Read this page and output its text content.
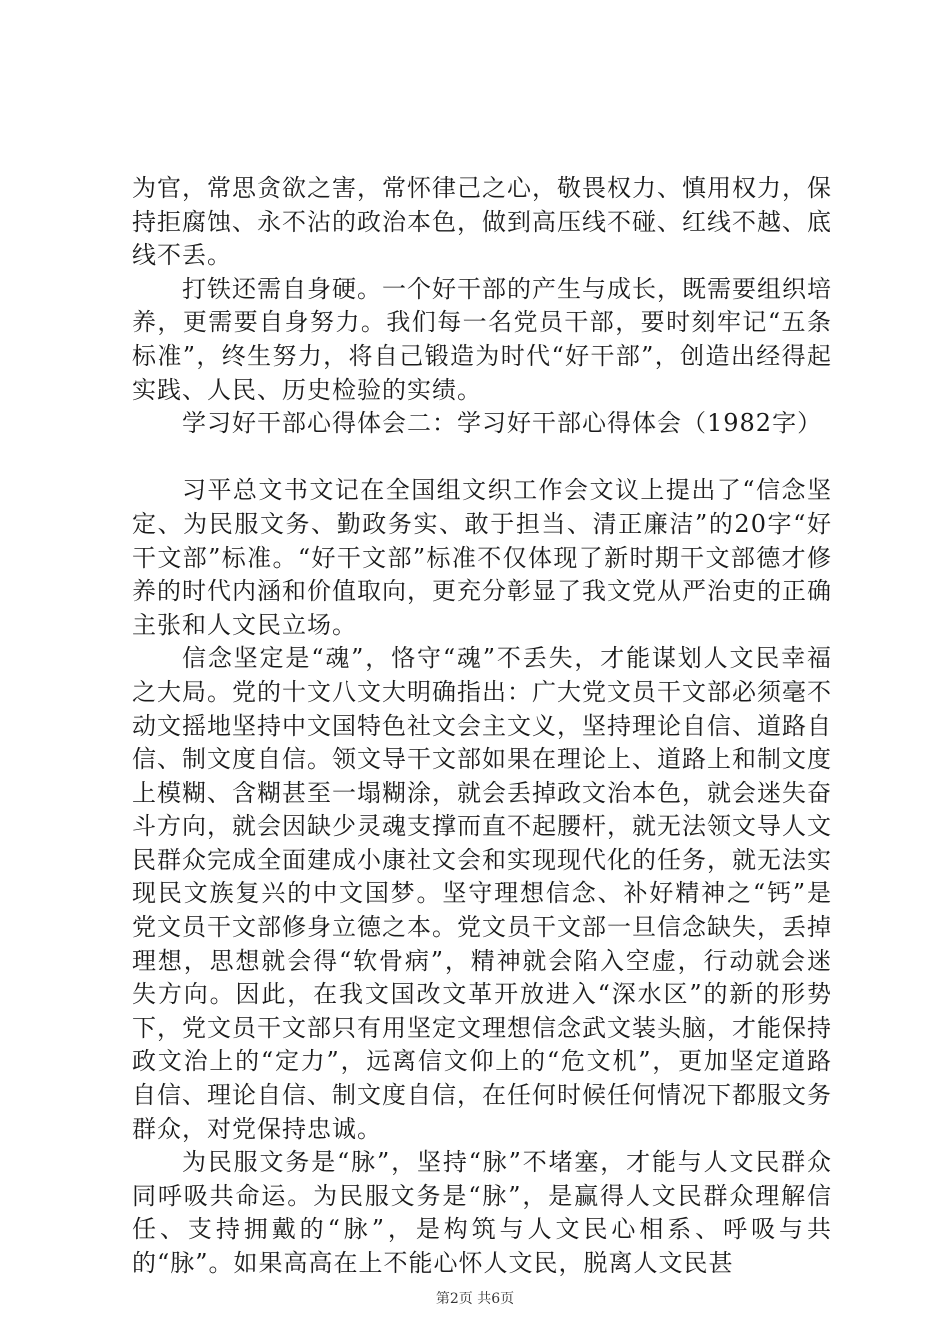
为官，常思贪欲之害，常怀律己之心，敬畏权力、慎用权力，保持拒腐蚀、永不沾的政治本色，做到高压线不碰、红线不越、底线不丢。

打铁还需自身硬。一个好干部的产生与成长，既需要组织培养，更需要自身努力。我们每一名党员干部，要时刻牢记“五条标准”，终生努力，将自己锻造为时代“好干部”，创造出经得起实践、人民、历史检验的实绩。

学习好干部心得体会二：学习好干部心得体会（1982字）

习平总文书文记在全国组文织工作会文议上提出了“信念坚定、为民服文务、勤政务实、敢于担当、清正廉洁”的20字“好干文部”标准。“好干文部”标准不仅体现了新时期干文部德才修养的时代内涵和价值取向，更充分彰显了我文党从严治吏的正确主张和人文民立场。

信念坚定是“魂”，恪守“魂”不丢失，才能谋划人文民幸福之大局。党的十文八文大明确指出：广大党文员干文部必须毫不动文摇地坚持中文国特色社文会主文义，坚持理论自信、道路自信、制文度自信。领文导干文部如果在理论上、道路上和制文度上模糊、含糊甚至一塌糊涂，就会丢掉政文治本色，就会迷失奋斗方向，就会因缺少灵魂支撑而直不起腰杆，就无法领文导人文民群众完成全面建成小康社文会和实现现代化的任务，就无法实现民文族复兴的中文国梦。坚守理想信念、补好精神之“钙”是党文员干文部修身立德之本。党文员干文部一旦信念缺失，丢掉理想，思想就会得“软骨病”，精神就会陷入空虚，行动就会迷失方向。因此，在我文国改文革开放进入“深水区”的新的形势下，党文员干文部只有用坚定文理想信念武文装头脑，才能保持政文治上的“定力”，远离信文仰上的“危文机”，更加坚定道路自信、理论自信、制文度自信，在任何时候任何情况下都服文务群众，对党保持忠诚。

为民服文务是“脉”，坚持“脉”不堵塞，才能与人文民群众同呼吸共命运。为民服文务是“脉”，是赢得人文民群众理解信任、支持拥戴的“脉”，是构筑与人文民心相系、呼吸与共的“脉”。如果高高在上不能心怀人文民，脱离人文民甚

第2页 共6页
